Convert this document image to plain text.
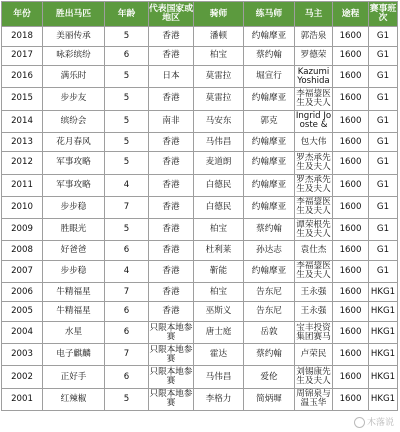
年份	胜出马匹	年龄	代表国家或地区	骑师	练马师	马主	途程	赛事班次
2018	美丽传承	5	香港	潘顿	约翰摩亚	郭浩泉	1600	G1
2017	咏彩缤纷	6	香港	柏宝	蔡约翰	罗德荣	1600	G1
2016	满乐时	5	日本	莫雷拉	堀宣行	Kazumi Yoshida	1600	G1
2015	步步友	5	香港	莫雷拉	约翰摩亚	李福鋆医生及夫人	1600	G1
2014	缤纷会	5	南非	马安东	郭克	Ingrid Jooste &	1600	G1
2013	花月春风	5	香港	马伟昌	约翰摩亚	包大伟	1600	G1
2012	军事攻略	5	香港	麦道朗	约翰摩亚	罗杰承先生及夫人	1600	G1
2011	军事攻略	4	香港	白德民	约翰摩亚	罗杰承先生及夫人	1600	G1
2010	步步稳	7	香港	白德民	约翰摩亚	李福鋆医生及夫人	1600	G1
2009	胜眼光	5	香港	柏宝	蔡约翰	谭荣根先生及夫人	1600	G1
2008	好爸爸	6	香港	杜利莱	孙达志	袁仕杰	1600	G1
2007	步步稳	4	香港	靳能	约翰摩亚	李福鋆医生及夫人	1600	G1
2006	牛精福星	7	香港	柏宝	告东尼	王永强	1600	HKG1
2005	牛精福星	6	香港	巫斯义	告东尼	王永强	1600	HKG1
2004	水星	6	只限本地参赛	唐士庭	岳敦	宝丰投资集团赛马	1600	HKG1
2003	电子麒麟	7	只限本地参赛	霍达	蔡约翰	卢荣民	1600	HKG1
2002	正好手	6	只限本地参赛	马伟昌	爱伦	刘锡康先生及夫人	1600	HKG1
2001	红辣椒	5	只限本地参赛	李格力	简炳墀	周锦泉与温玉华	1600	HKG1
木落说
